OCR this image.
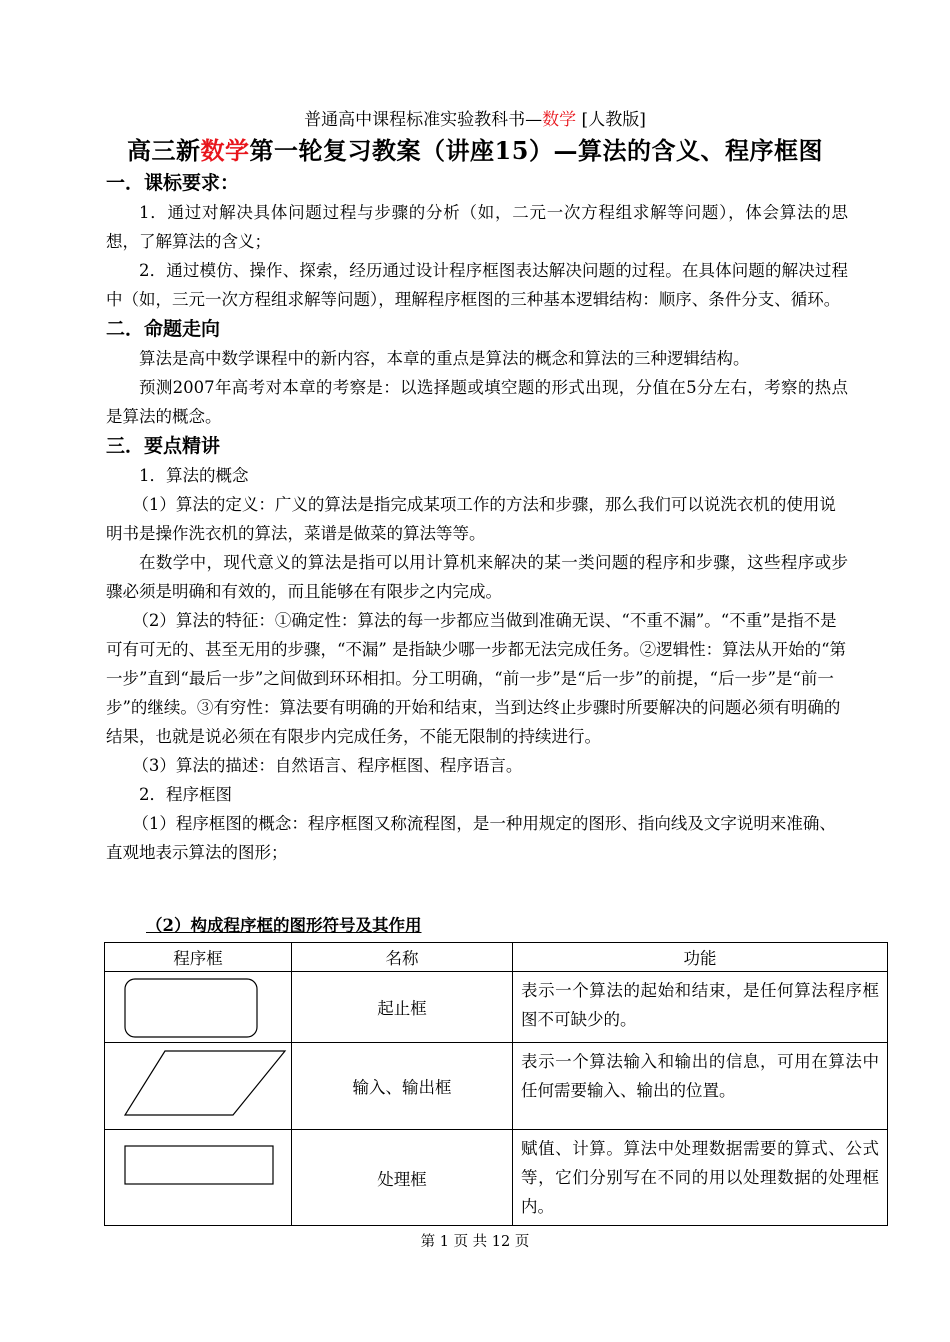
普通高中课程标准实验教科书—数学 [人教版]
高三新数学第一轮复习教案（讲座15）—算法的含义、程序框图

一．课标要求：

1．通过对解决具体问题过程与步骤的分析（如，二元一次方程组求解等问题），体会算法的思想，了解算法的含义；

2．通过模仿、操作、探索，经历通过设计程序框图表达解决问题的过程。在具体问题的解决过程中（如，三元一次方程组求解等问题），理解程序框图的三种基本逻辑结构：顺序、条件分支、循环。

二．命题走向

算法是高中数学课程中的新内容，本章的重点是算法的概念和算法的三种逻辑结构。

预测2007年高考对本章的考察是：以选择题或填空题的形式出现，分值在5分左右，考察的热点是算法的概念。

三．要点精讲

1．算法的概念

（1）算法的定义：广义的算法是指完成某项工作的方法和步骤，那么我们可以说洗衣机的使用说明书是操作洗衣机的算法，菜谱是做菜的算法等等。

在数学中，现代意义的算法是指可以用计算机来解决的某一类问题的程序和步骤，这些程序或步骤必须是明确和有效的，而且能够在有限步之内完成。

（2）算法的特征：①确定性：算法的每一步都应当做到准确无误、“不重不漏”。“不重”是指不是可有可无的、甚至无用的步骤，“不漏” 是指缺少哪一步都无法完成任务。②逻辑性：算法从开始的“第一步”直到“最后一步”之间做到环环相扣。分工明确，“前一步”是“后一步”的前提，“后一步”是“前一步”的继续。③有穷性：算法要有明确的开始和结束，当到达终止步骤时所要解决的问题必须有明确的结果，也就是说必须在有限步内完成任务，不能无限制的持续进行。

（3）算法的描述：自然语言、程序框图、程序语言。

2．程序框图

（1）程序框图的概念：程序框图又称流程图，是一种用规定的图形、指向线及文字说明来准确、直观地表示算法的图形；

（2）构成程序框的图形符号及其作用

程序框	名称	功能
	起止框	表示一个算法的起始和结束，是任何算法程序框图不可缺少的。
	输入、输出框	表示一个算法输入和输出的信息，可用在算法中任何需要输入、输出的位置。
	处理框	赋值、计算。算法中处理数据需要的算式、公式等，它们分别写在不同的用以处理数据的处理框内。
第 1 页 共 12 页
